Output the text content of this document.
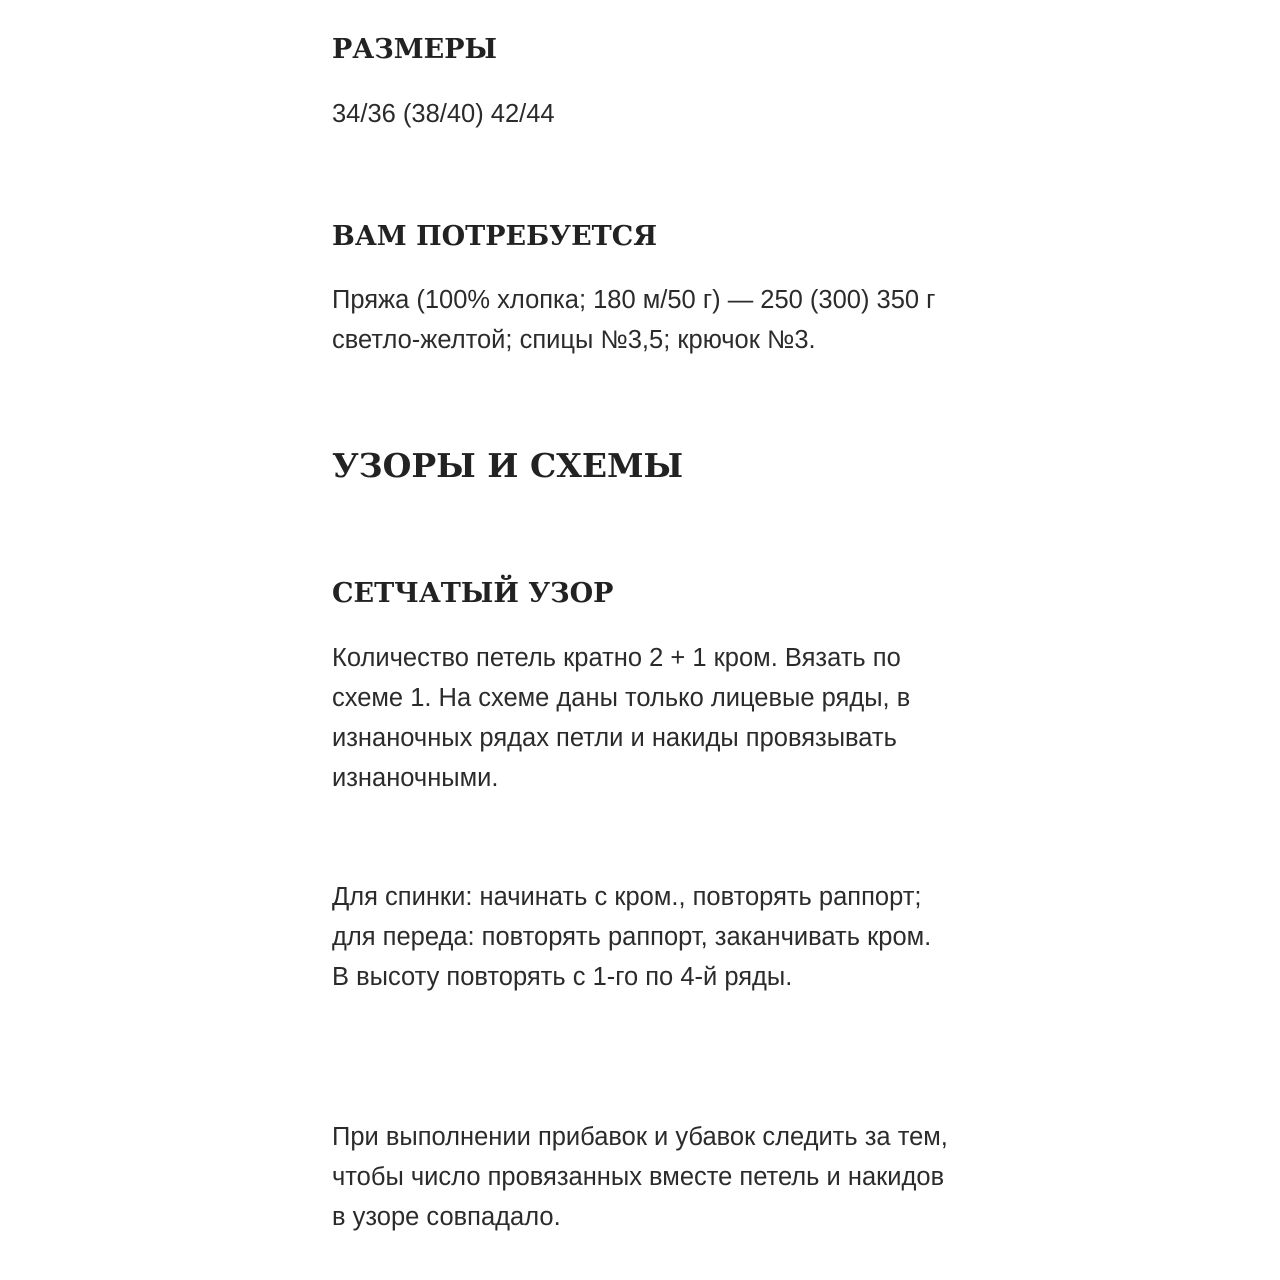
РАЗМЕРЫ

34/36 (38/40) 42/44

ВАМ ПОТРЕБУЕТСЯ

Пряжа (100% хлопка; 180 м/50 г) — 250 (300) 350 г светло-желтой; спицы №3,5; крючок №3.

УЗОРЫ И СХЕМЫ
СЕТЧАТЫЙ УЗОР

Количество петель кратно 2 + 1 кром. Вязать по схеме 1. На схеме даны только лицевые ряды, в изнаночных рядах петли и накиды провязывать изнаночными.

Для спинки: начинать с кром., повторять раппорт; для переда: повторять раппорт, заканчивать кром. В высоту повторять с 1-го по 4-й ряды.

При выполнении прибавок и убавок следить за тем, чтобы число провязанных вместе петель и накидов в узоре совпадало.
